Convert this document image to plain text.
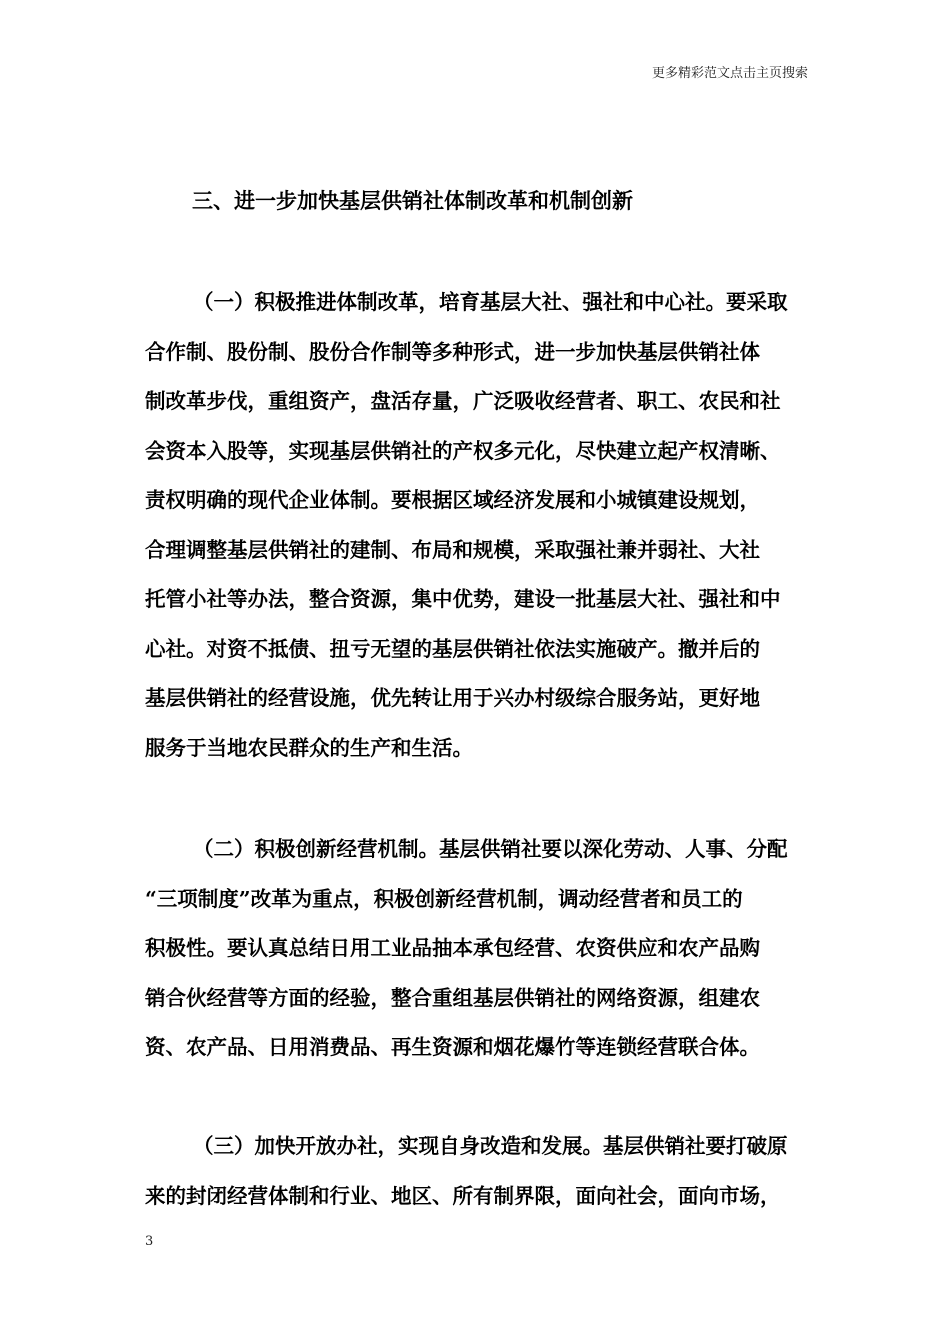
更多精彩范文点击主页搜索
三、进一步加快基层供销社体制改革和机制创新
（一）积极推进体制改革，培育基层大社、强社和中心社。要采取
合作制、股份制、股份合作制等多种形式，进一步加快基层供销社体
制改革步伐，重组资产，盘活存量，广泛吸收经营者、职工、农民和社
会资本入股等，实现基层供销社的产权多元化，尽快建立起产权清晰、
责权明确的现代企业体制。要根据区域经济发展和小城镇建设规划，
合理调整基层供销社的建制、布局和规模，采取强社兼并弱社、大社
托管小社等办法，整合资源，集中优势，建设一批基层大社、强社和中
心社。对资不抵债、扭亏无望的基层供销社依法实施破产。撤并后的
基层供销社的经营设施，优先转让用于兴办村级综合服务站，更好地
服务于当地农民群众的生产和生活。
（二）积极创新经营机制。基层供销社要以深化劳动、人事、分配
“三项制度”改革为重点，积极创新经营机制，调动经营者和员工的
积极性。要认真总结日用工业品抽本承包经营、农资供应和农产品购
销合伙经营等方面的经验，整合重组基层供销社的网络资源，组建农
资、农产品、日用消费品、再生资源和烟花爆竹等连锁经营联合体。
（三）加快开放办社，实现自身改造和发展。基层供销社要打破原
来的封闭经营体制和行业、地区、所有制界限，面向社会，面向市场，
3
